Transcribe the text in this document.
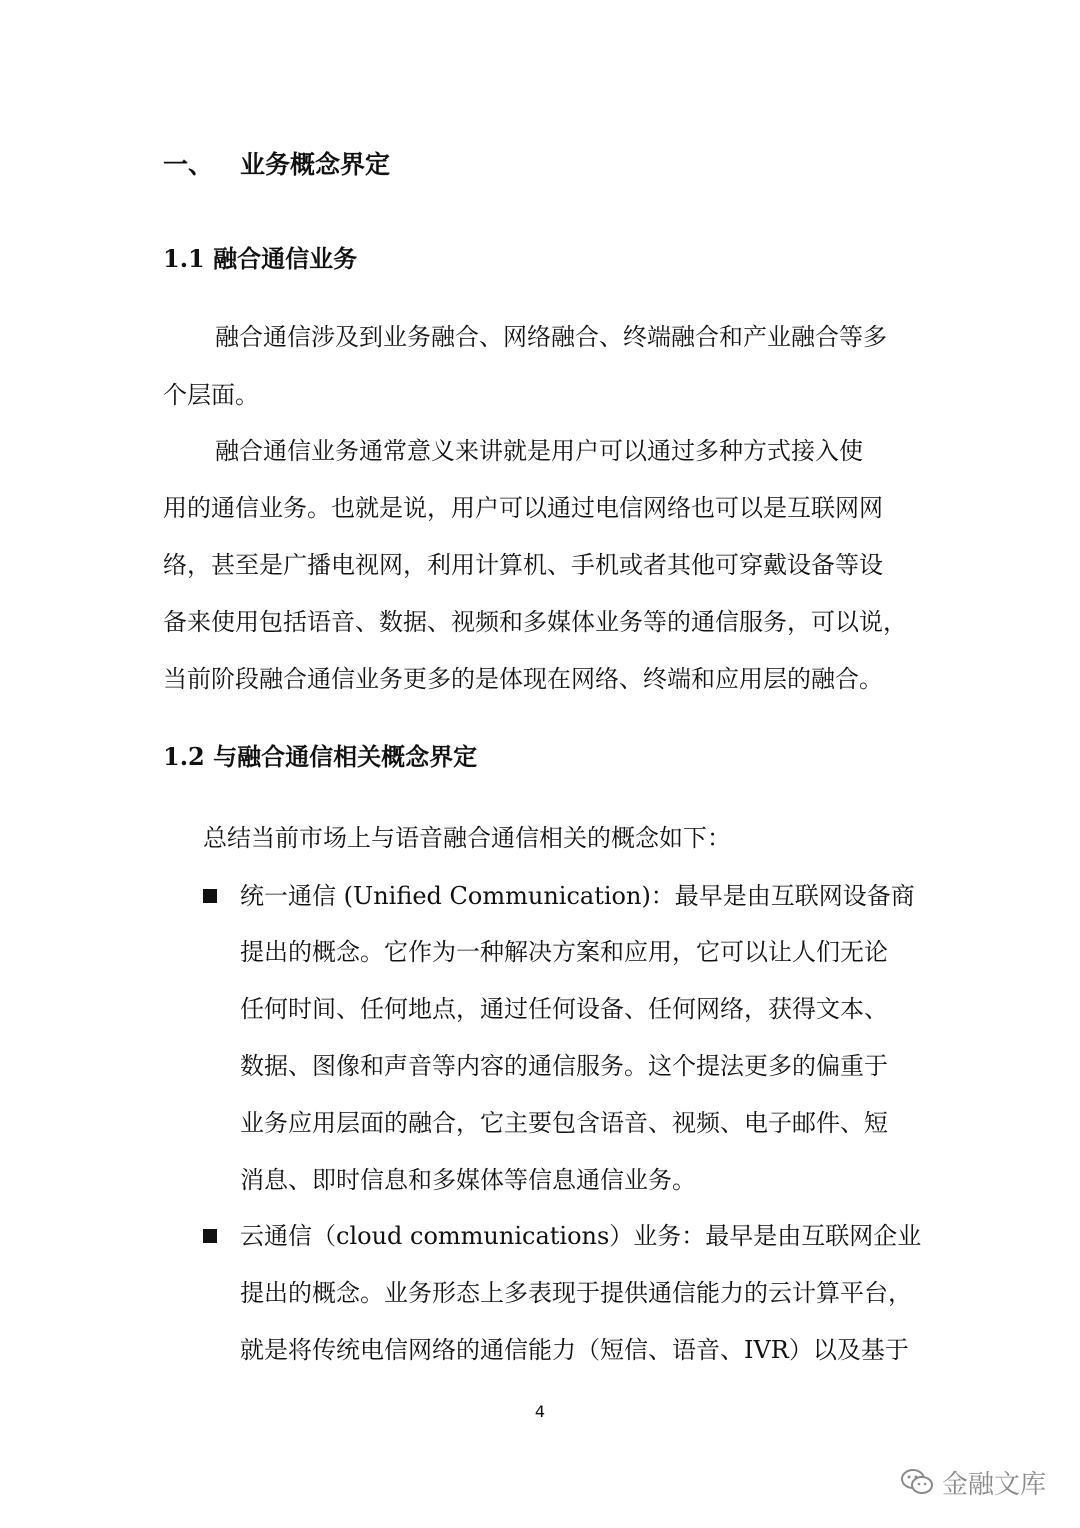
一、 业务概念界定
1.1 融合通信业务
融合通信涉及到业务融合、网络融合、终端融合和产业融合等多
个层面。
融合通信业务通常意义来讲就是用户可以通过多种方式接入使
用的通信业务。也就是说，用户可以通过电信网络也可以是互联网网
络，甚至是广播电视网，利用计算机、手机或者其他可穿戴设备等设
备来使用包括语音、数据、视频和多媒体业务等的通信服务，可以说，
当前阶段融合通信业务更多的是体现在网络、终端和应用层的融合。
1.2 与融合通信相关概念界定
总结当前市场上与语音融合通信相关的概念如下：
统一通信 (Unified Communication)：最早是由互联网设备商
提出的概念。它作为一种解决方案和应用，它可以让人们无论
任何时间、任何地点，通过任何设备、任何网络，获得文本、
数据、图像和声音等内容的通信服务。这个提法更多的偏重于
业务应用层面的融合，它主要包含语音、视频、电子邮件、短
消息、即时信息和多媒体等信息通信业务。
云通信（cloud communications）业务：最早是由互联网企业
提出的概念。业务形态上多表现于提供通信能力的云计算平台，
就是将传统电信网络的通信能力（短信、语音、IVR）以及基于
4
金融文库
